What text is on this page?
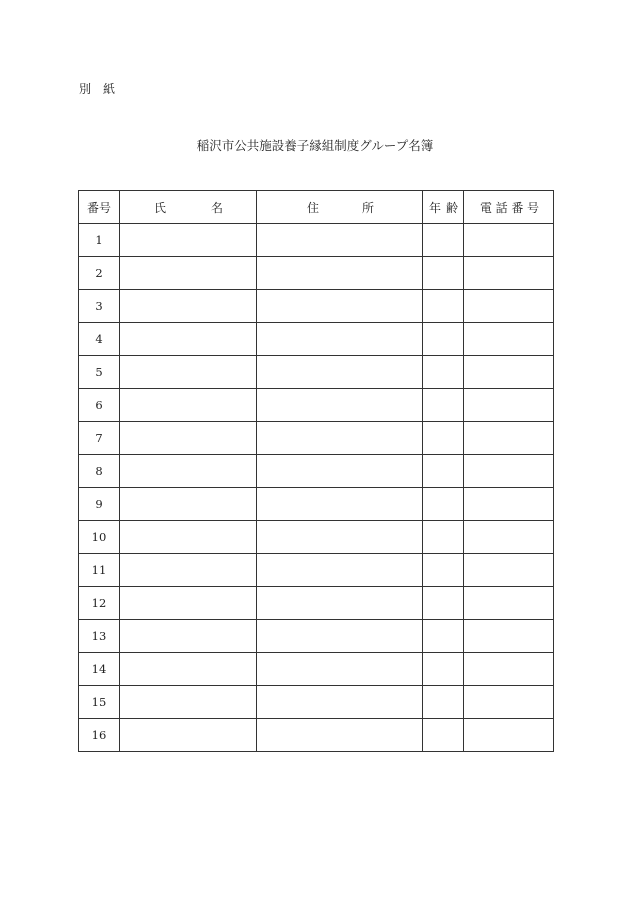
別 紙
稲沢市公共施設養子縁組制度グループ名簿
番号	氏 名	住 所	年 齢	電 話 番 号

1				
2				
3				
4				
5				
6				
7				
8				
9				
10				
11				
12				
13				
14				
15				
16				
